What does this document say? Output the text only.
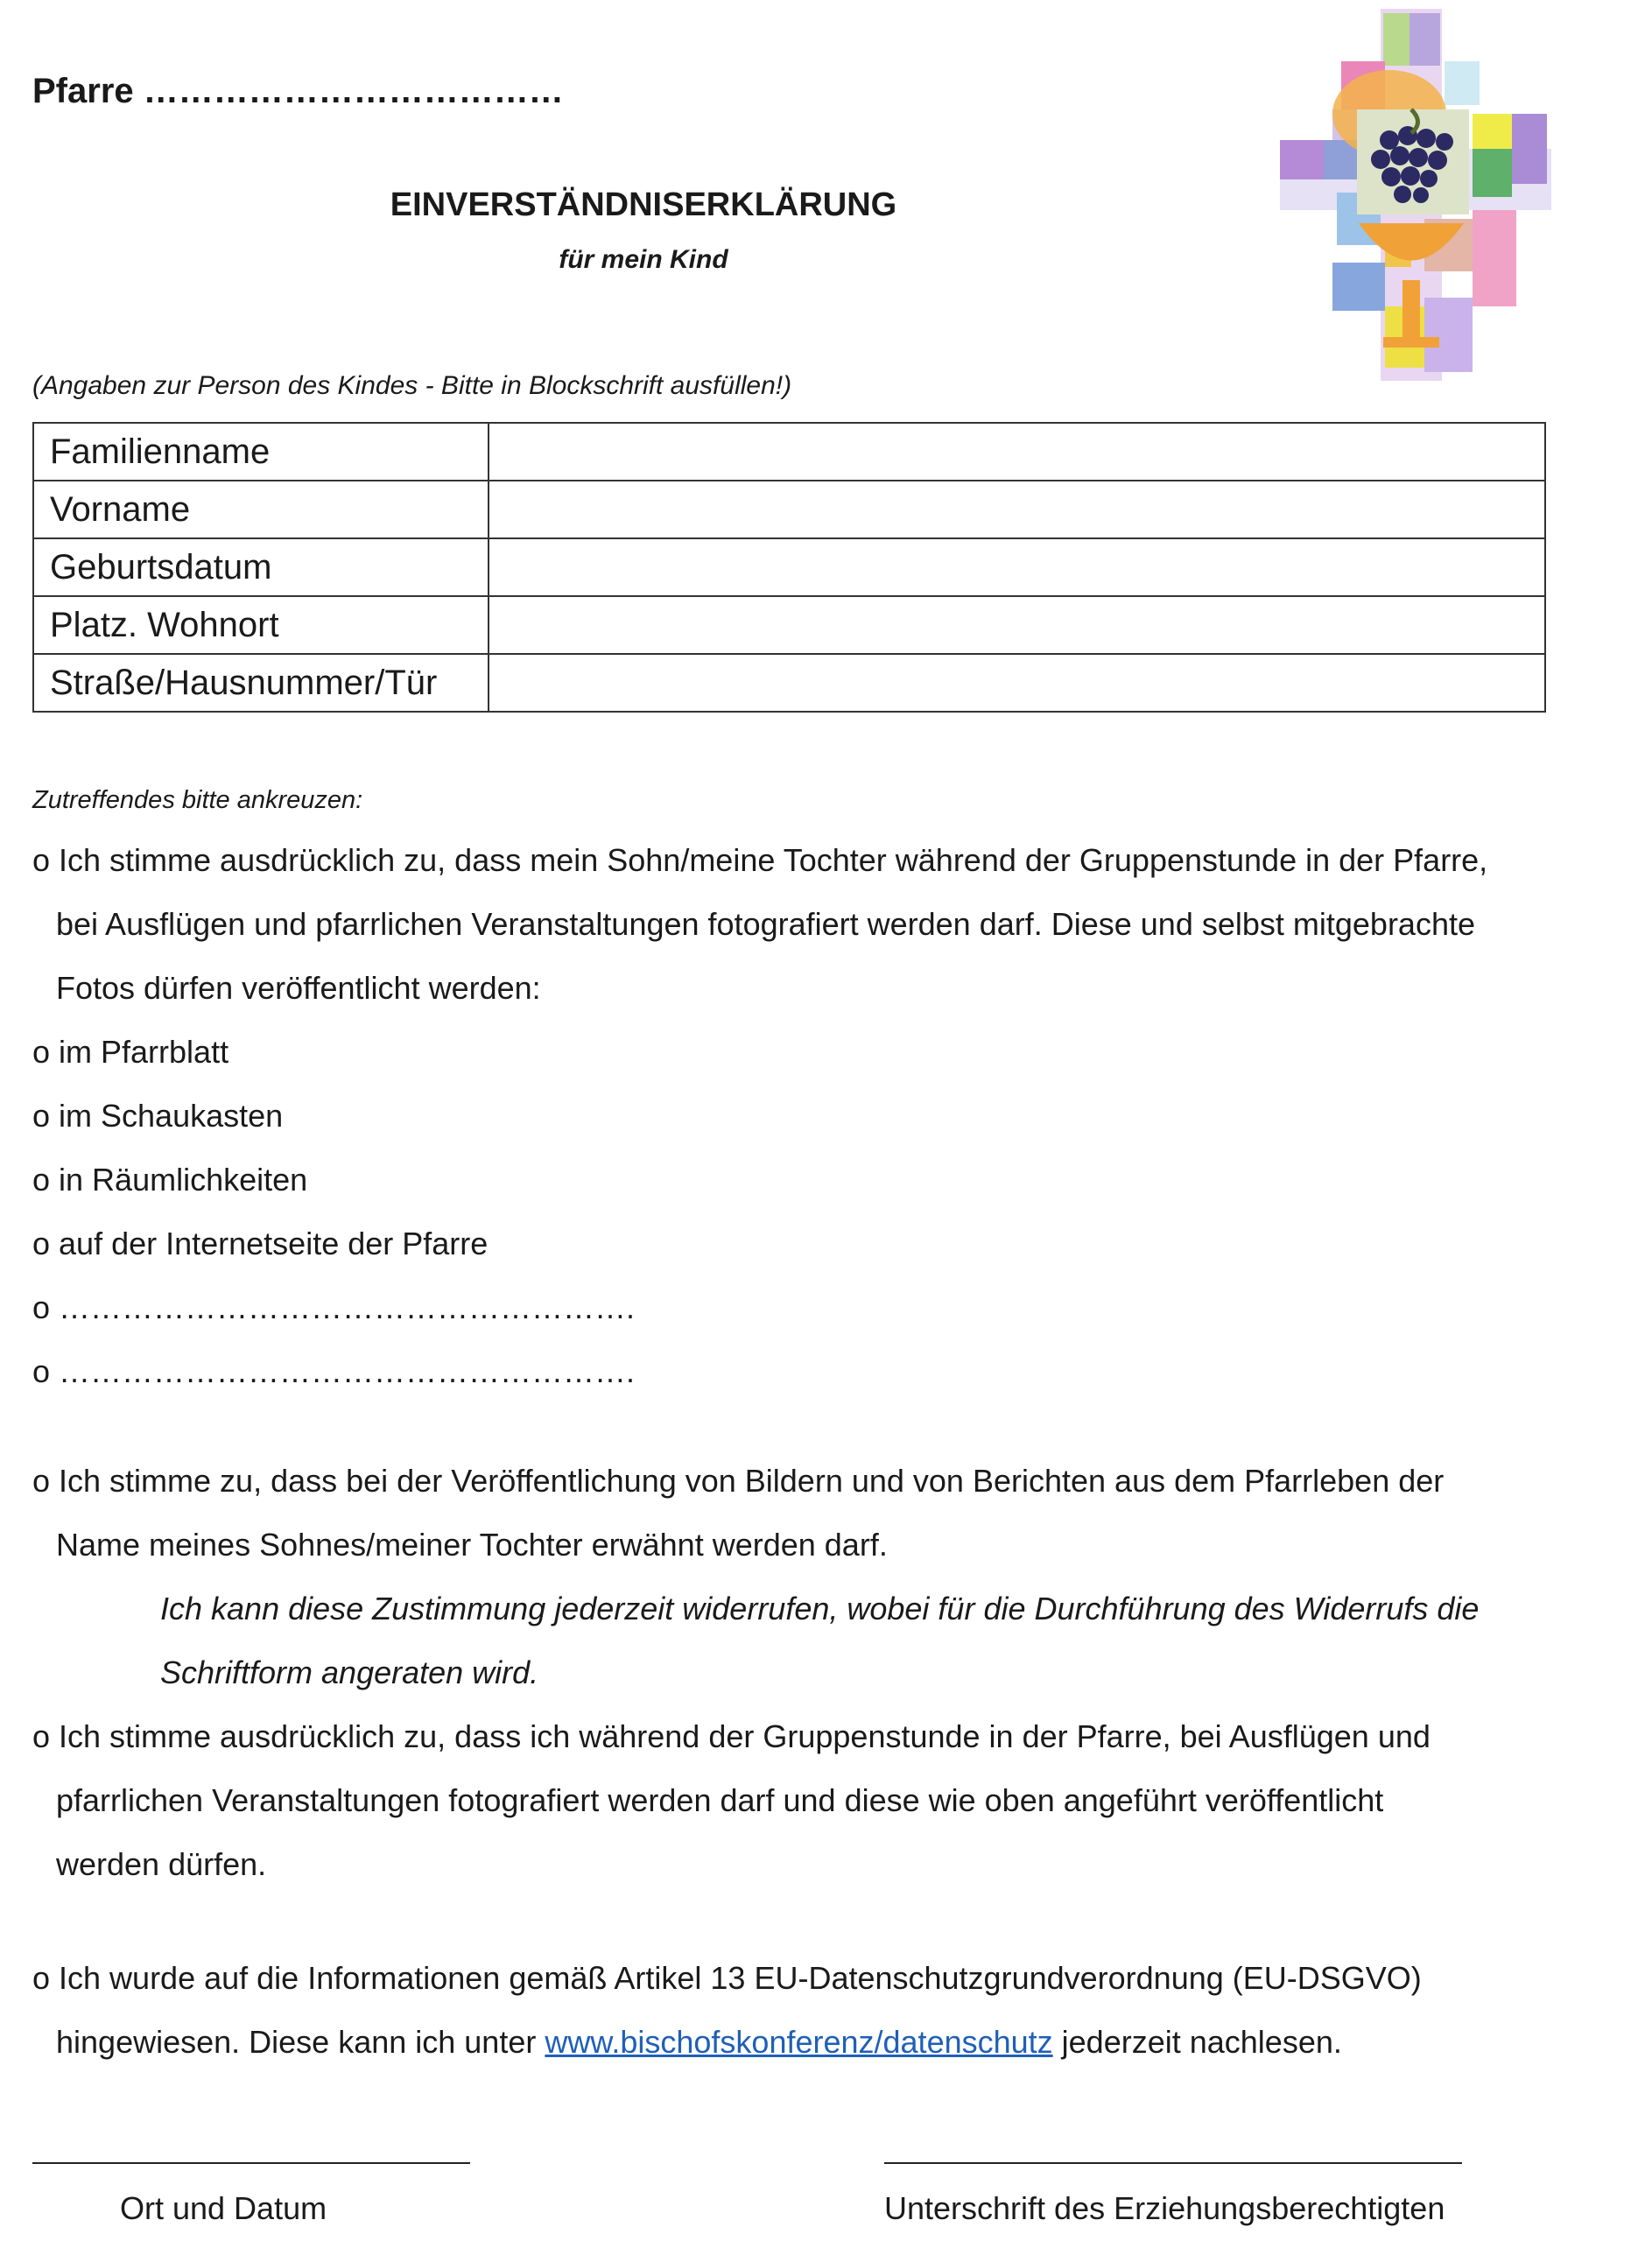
Pfarre ………………………………
EINVERSTÄNDNISERKLÄRUNG
für mein Kind
(Angaben zur Person des Kindes - Bitte in Blockschrift ausfüllen!)
Familienname	
Vorname	
Geburtsdatum	
Platz. Wohnort	
Straße/Hausnummer/Tür	
Zutreffendes bitte ankreuzen:

o Ich stimme ausdrücklich zu, dass mein Sohn/meine Tochter während der Gruppenstunde in der Pfarre,

bei Ausflügen und pfarrlichen Veranstaltungen fotografiert werden darf. Diese und selbst mitgebrachte

Fotos dürfen veröffentlicht werden:

o im Pfarrblatt

o im Schaukasten

o in Räumlichkeiten

o auf der Internetseite der Pfarre

o ……………………………………………….

o ……………………………………………….

o Ich stimme zu, dass bei der Veröffentlichung von Bildern und von Berichten aus dem Pfarrleben der

Name meines Sohnes/meiner Tochter erwähnt werden darf.

Ich kann diese Zustimmung jederzeit widerrufen, wobei für die Durchführung des Widerrufs die

Schriftform angeraten wird.

o Ich stimme ausdrücklich zu, dass ich während der Gruppenstunde in der Pfarre, bei Ausflügen und

pfarrlichen Veranstaltungen fotografiert werden darf und diese wie oben angeführt veröffentlicht

werden dürfen.

o Ich wurde auf die Informationen gemäß Artikel 13 EU-Datenschutzgrundverordnung (EU-DSGVO)

hingewiesen. Diese kann ich unter www.bischofskonferenz/datenschutz jederzeit nachlesen.

Ort und Datum	Unterschrift des Erziehungsberechtigten
